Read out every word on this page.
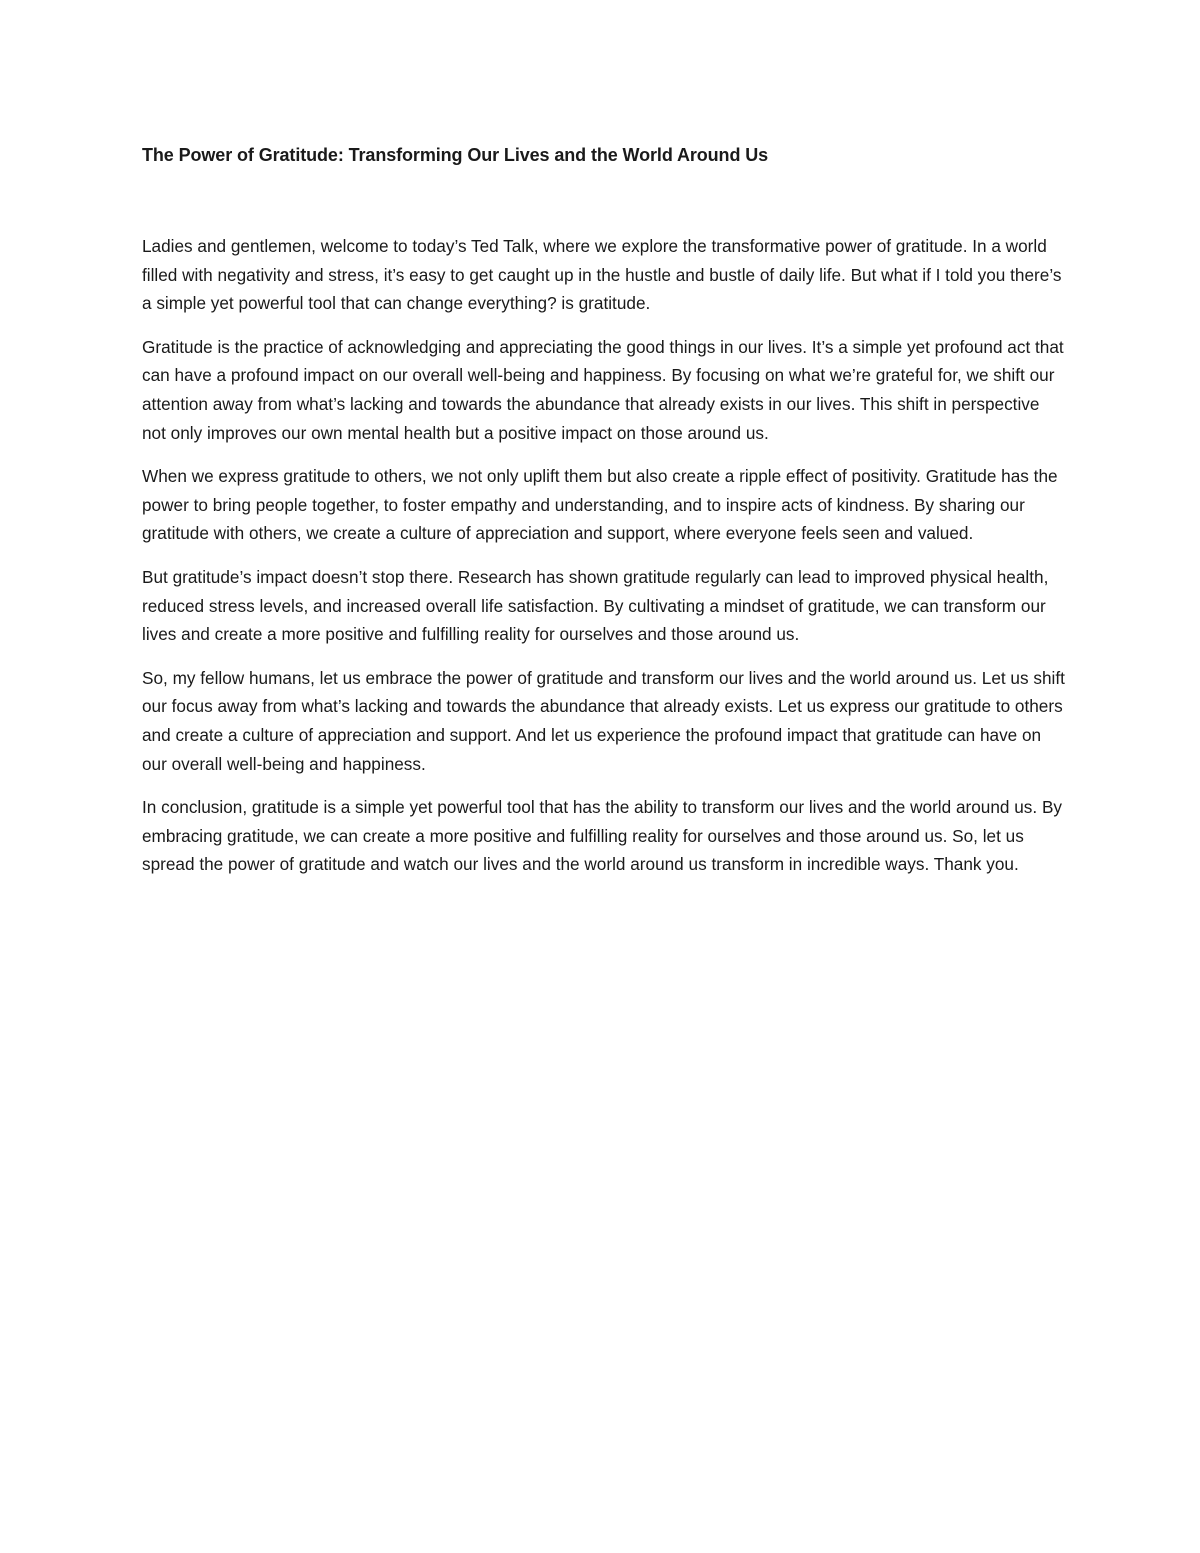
The Power of Gratitude: Transforming Our Lives and the World Around Us

Ladies and gentlemen, welcome to today’s Ted Talk, where we explore the transformative power of gratitude. In a world filled with negativity and stress, it’s easy to get caught up in the hustle and bustle of daily life. But what if I told you there’s a simple yet powerful tool that can change everything? is gratitude.

Gratitude is the practice of acknowledging and appreciating the good things in our lives. It’s a simple yet profound act that can have a profound impact on our overall well-being and happiness. By focusing on what we’re grateful for, we shift our attention away from what’s lacking and towards the abundance that already exists in our lives. This shift in perspective not only improves our own mental health but a positive impact on those around us.

When we express gratitude to others, we not only uplift them but also create a ripple effect of positivity. Gratitude has the power to bring people together, to foster empathy and understanding, and to inspire acts of kindness. By sharing our gratitude with others, we create a culture of appreciation and support, where everyone feels seen and valued.

But gratitude’s impact doesn’t stop there. Research has shown gratitude regularly can lead to improved physical health, reduced stress levels, and increased overall life satisfaction. By cultivating a mindset of gratitude, we can transform our lives and create a more positive and fulfilling reality for ourselves and those around us.

So, my fellow humans, let us embrace the power of gratitude and transform our lives and the world around us. Let us shift our focus away from what’s lacking and towards the abundance that already exists. Let us express our gratitude to others and create a culture of appreciation and support. And let us experience the profound impact that gratitude can have on our overall well-being and happiness.

In conclusion, gratitude is a simple yet powerful tool that has the ability to transform our lives and the world around us. By embracing gratitude, we can create a more positive and fulfilling reality for ourselves and those around us. So, let us spread the power of gratitude and watch our lives and the world around us transform in incredible ways. Thank you.
